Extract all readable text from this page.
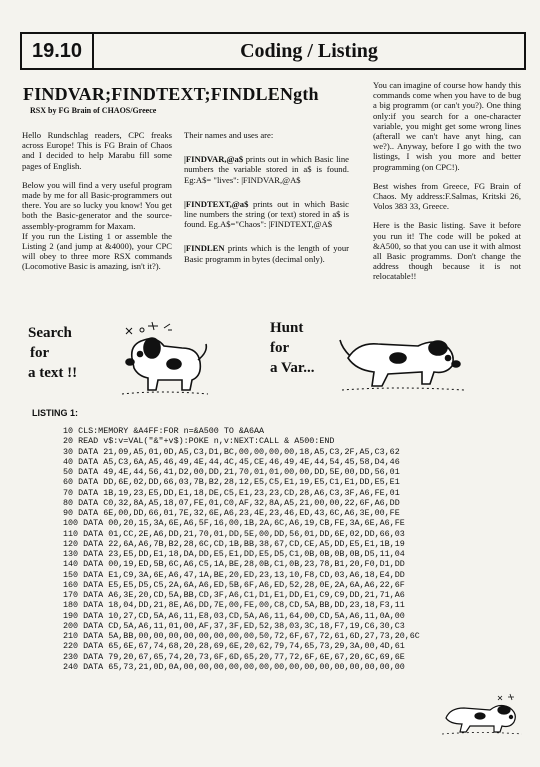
19.10	Coding / Listing
FINDVAR;FINDTEXT;FINDLENgth
RSX by FG Brain of CHAOS/Greece

Hello Rundschlag readers, CPC freaks across Europe! This is FG Brain of Chaos and I decided to help Marabu fill some pages of English.

Below you will find a very useful program made by me for all Basic-programmers out there. You are so lucky you know! You get both the Basic-generator and the source-assembly-programm for Maxam.

If you run the Listing 1 or assemble the Listing 2 (and jump at &4000), your CPC will obey to three more RSX commands (Locomotive Basic is amazing, isn't it?).

Their names and uses are:

|FINDVAR,@a$ prints out in which Basic line numbers the variable stored in a$ is found. Eg:A$= "lives": |FINDVAR,@A$

|FINDTEXT,@a$ prints out in which Basic line numbers the string (or text) stored in a$ is found. Eg.A$="Chaos": |FINDTEXT,@A$

|FINDLEN prints which is the length of your Basic programm in bytes (decimal only).

You can imagine of course how handy this commands come when you have to de bug a big programm (or can't you?). One thing only:if you search for a one-character variable, you might get some wrong lines (afterall we can't have anyt hing, can we?).. Anyway, before I go with the two listings, I wish you more and better programming (on CPC!).

Best wishes from Greece, FG Brain of Chaos. My address:F.Salmas, Kritski 26, Volos 383 33, Greece.

Here is the Basic listing. Save it before you run it! The code will be poked at &A500, so that you can use it with almost all Basic programms. Don't change the address though because it is not relocatable!!

Search
for
a text !!
Hunt
for
a Var...
LISTING 1:
10 CLS:MEMORY &A4FF:FOR n=&A500 TO &A6AA
20 READ v$:v=VAL("&"+v$):POKE n,v:NEXT:CALL & A500:END
30 DATA 21,09,A5,01,0D,A5,C3,D1,BC,00,00,00,00,18,A5,C3,2F,A5,C3,62
40 DATA A5,C3,6A,A5,46,49,4E,44,4C,45,CE,46,49,4E,44,54,45,58,D4,46
50 DATA 49,4E,44,56,41,D2,00,DD,21,70,01,01,00,00,DD,5E,00,DD,56,01
60 DATA DD,6E,02,DD,66,03,7B,B2,28,12,E5,C5,E1,19,E5,C1,E1,DD,E5,E1
70 DATA 1B,19,23,E5,DD,E1,18,DE,C5,E1,23,23,CD,28,A6,C3,3F,A6,FE,01
80 DATA C0,32,8A,A5,18,07,FE,01,C0,AF,32,8A,A5,21,00,00,22,6F,A6,DD
90 DATA 6E,00,DD,66,01,7E,32,6E,A6,23,4E,23,46,ED,43,6C,A6,3E,00,FE
100 DATA 00,20,15,3A,6E,A6,5F,16,00,1B,2A,6C,A6,19,CB,FE,3A,6E,A6,FE
110 DATA 01,CC,2E,A6,DD,21,70,01,DD,5E,00,DD,56,01,DD,6E,02,DD,66,03
120 DATA 22,6A,A6,7B,B2,28,6C,CD,1B,BB,38,67,CD,CE,A5,DD,E5,E1,1B,19
130 DATA 23,E5,DD,E1,18,DA,DD,E5,E1,DD,E5,D5,C1,0B,0B,0B,0B,D5,11,04
140 DATA 00,19,ED,5B,6C,A6,C5,1A,BE,28,0B,C1,0B,23,78,B1,20,F0,D1,DD
150 DATA E1,C9,3A,6E,A6,47,1A,BE,20,ED,23,13,10,F8,CD,03,A6,18,E4,DD
160 DATA E5,E5,D5,C5,2A,6A,A6,ED,5B,6F,A6,ED,52,28,0E,2A,6A,A6,22,6F
170 DATA A6,3E,20,CD,5A,BB,CD,3F,A6,C1,D1,E1,DD,E1,C9,C9,DD,21,71,A6
180 DATA 18,04,DD,21,8E,A6,DD,7E,00,FE,00,C8,CD,5A,BB,DD,23,18,F3,11
190 DATA 10,27,CD,5A,A6,11,E8,03,CD,5A,A6,11,64,00,CD,5A,A6,11,0A,00
200 DATA CD,5A,A6,11,01,00,AF,37,3F,ED,52,38,03,3C,18,F7,19,C6,30,C3
210 DATA 5A,BB,00,00,00,00,00,00,00,00,50,72,6F,67,72,61,6D,27,73,20,6C
220 DATA 65,6E,67,74,68,20,28,69,6E,20,62,79,74,65,73,29,3A,00,4D,61
230 DATA 79,20,67,65,74,20,73,6F,6D,65,20,77,72,6F,6E,67,20,6C,69,6E
240 DATA 65,73,21,0D,0A,00,00,00,00,00,00,00,00,00,00,00,00,00,00,00
